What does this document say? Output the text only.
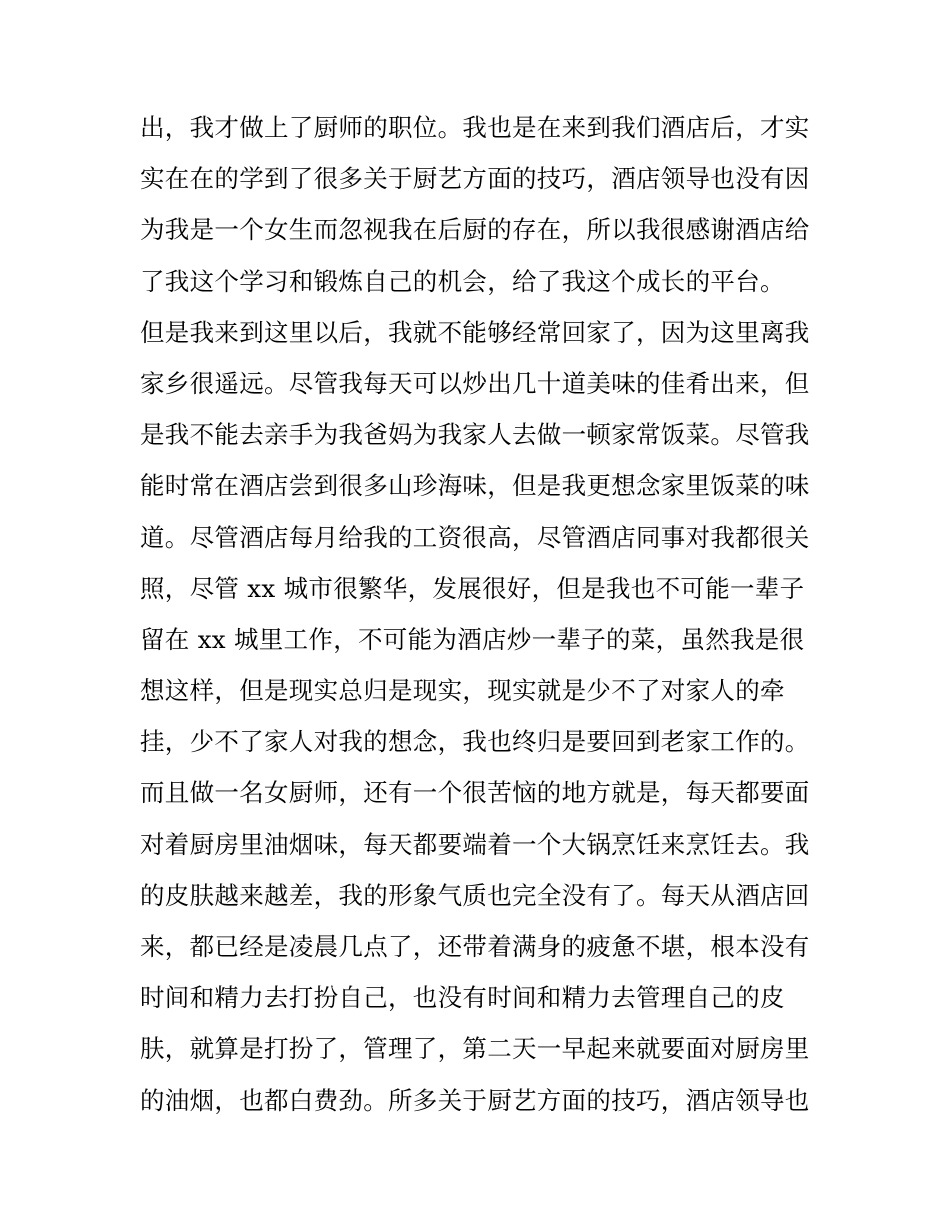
出，我才做上了厨师的职位。我也是在来到我们酒店后，才实
实在在的学到了很多关于厨艺方面的技巧，酒店领导也没有因
为我是一个女生而忽视我在后厨的存在，所以我很感谢酒店给
了我这个学习和锻炼自己的机会，给了我这个成长的平台。
但是我来到这里以后，我就不能够经常回家了，因为这里离我
家乡很遥远。尽管我每天可以炒出几十道美味的佳肴出来，但
是我不能去亲手为我爸妈为我家人去做一顿家常饭菜。尽管我
能时常在酒店尝到很多山珍海味，但是我更想念家里饭菜的味
道。尽管酒店每月给我的工资很高，尽管酒店同事对我都很关
照，尽管 xx 城市很繁华，发展很好，但是我也不可能一辈子
留在 xx 城里工作，不可能为酒店炒一辈子的菜，虽然我是很
想这样，但是现实总归是现实，现实就是少不了对家人的牵
挂，少不了家人对我的想念，我也终归是要回到老家工作的。
而且做一名女厨师，还有一个很苦恼的地方就是，每天都要面
对着厨房里油烟味，每天都要端着一个大锅烹饪来烹饪去。我
的皮肤越来越差，我的形象气质也完全没有了。每天从酒店回
来，都已经是凌晨几点了，还带着满身的疲惫不堪，根本没有
时间和精力去打扮自己，也没有时间和精力去管理自己的皮
肤，就算是打扮了，管理了，第二天一早起来就要面对厨房里
的油烟，也都白费劲。所多关于厨艺方面的技巧，酒店领导也
